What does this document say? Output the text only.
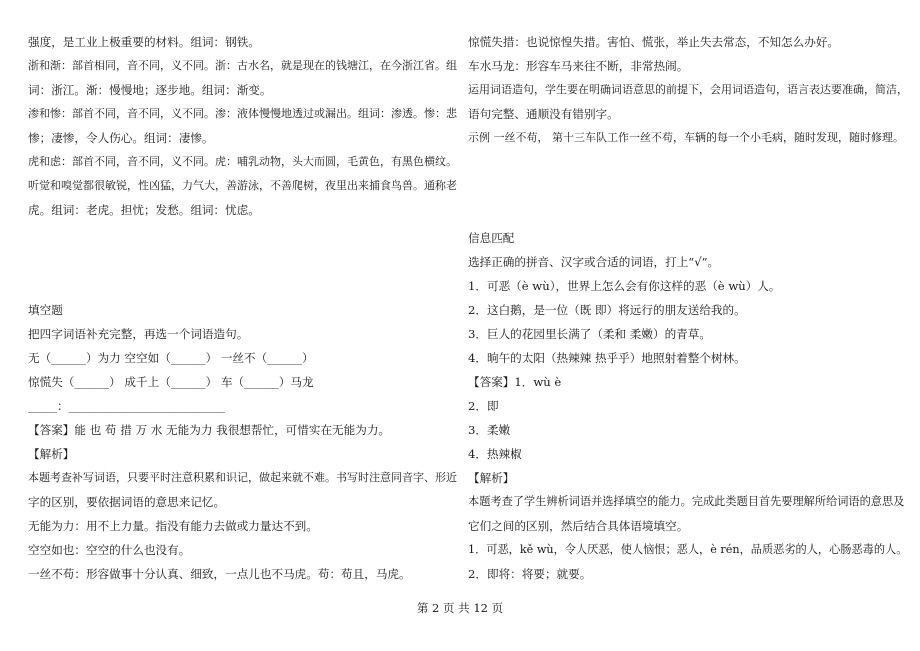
强度，是工业上极重要的材料。组词：钢铁。
浙和渐：部首相同，音不同，义不同。浙：古水名，就是现在的钱塘江，在今浙江省。组
词：浙江。渐：慢慢地；逐步地。组词：渐变。
渗和惨：部首不同，音不同，义不同。渗：液体慢慢地透过或漏出。组词：渗透。惨：悲
惨；凄惨，令人伤心。组词：凄惨。
虎和虑：部首不同，音不同，义不同。虎：哺乳动物，头大而圆，毛黄色，有黑色横纹。
听觉和嗅觉都很敏锐，性凶猛，力气大，善游泳，不善爬树，夜里出来捕食鸟兽。通称老
虎。组词：老虎。担忧；发愁。组词：忧虑。
填空题
把四字词语补充完整，再选一个词语造句。
无（______）为力 空空如（______） 一丝不（______）
惊慌失（______） 成千上（______） 车（______）马龙
_____：___________________________
【答案】能 也 苟 措 万 水 无能为力 我很想帮忙，可惜实在无能为力。
【解析】
本题考查补写词语，只要平时注意积累和识记，做起来就不难。书写时注意同音字、形近
字的区别，要依据词语的意思来记忆。
无能为力：用不上力量。指没有能力去做或力量达不到。
空空如也：空空的什么也没有。
一丝不苟：形容做事十分认真、细致，一点儿也不马虎。苟：苟且，马虎。
惊慌失措：也说惊惶失措。害怕、慌张，举止失去常态，不知怎么办好。
车水马龙：形容车马来往不断，非常热闹。
运用词语造句，学生要在明确词语意思的前提下，会用词语造句，语言表达要准确，简洁，
语句完整、通顺没有错别字。
示例 一丝不苟， 第十三车队工作一丝不苟，车辆的每一个小毛病，随时发现，随时修理。
信息匹配
选择正确的拼音、汉字或合适的词语，打上“√”。
1．可恶（è wù），世界上怎么会有你这样的恶（è wù）人。
2．这白鹅，是一位（既 即）将远行的朋友送给我的。
3．巨人的花园里长满了（柔和 柔嫩）的青草。
4．晌午的太阳（热辣辣 热乎乎）地照射着整个树林。
【答案】1．wù è
2．即
3．柔嫩
4．热辣椒
【解析】
本题考查了学生辨析词语并选择填空的能力。完成此类题目首先要理解所给词语的意思及
它们之间的区别，然后结合具体语境填空。
1．可恶，kě wù，令人厌恶，使人恼恨；恶人，è rén，品质恶劣的人，心肠恶毒的人。
2．即将：将要；就要。
第 2 页 共 12 页
